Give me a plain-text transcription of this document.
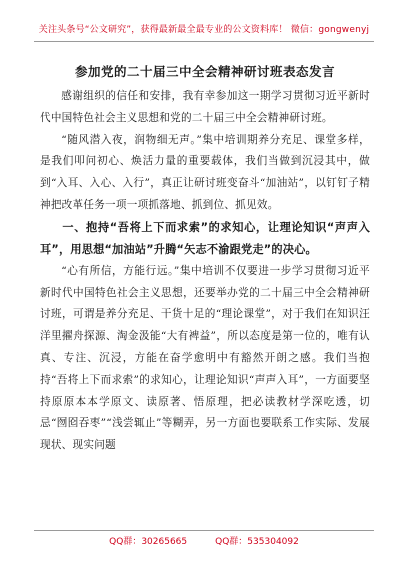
关注头条号“公文研究”，获得最新最全最专业的公文资料库！ 微信：gongwenyj
参加党的二十届三中全会精神研讨班表态发言

感谢组织的信任和安排，我有幸参加这一期学习贯彻习近平新时代中国特色社会主义思想和党的二十届三中全会精神研讨班。

“随风潜入夜，润物细无声。”集中培训期养分充足、课堂多样，是我们叩问初心、焕活力量的重要载体，我们当做到沉浸其中，做到“入耳、入心、入行”，真正让研讨班变奋斗“加油站”，以钉钉子精神把改革任务一项一项抓落地、抓到位、抓见效。

一、抱持“吾将上下而求索”的求知心，让理论知识“声声入耳”，用思想“加油站”升腾“矢志不渝跟党走”的决心。

“心有所信，方能行远。”集中培训不仅要进一步学习贯彻习近平新时代中国特色社会主义思想，还要举办党的二十届三中全会精神研讨班，可谓是养分充足、干货十足的“理论课堂”，对于我们在知识汪洋里擢舟探源、淘金汲能“大有裨益”，所以态度是第一位的，唯有认真、专注、沉浸，方能在奋学愈明中有豁然开朗之感。我们当抱持“吾将上下而求索”的求知心，让理论知识“声声入耳”，一方面要坚持原原本本学原文、读原著、悟原理，把必读教材学深吃透，切忌“囫囵吞枣”“浅尝辄止”等糊弄，另一方面也要联系工作实际、发展现状、现实问题

QQ群：30265665	QQ群：535304092
